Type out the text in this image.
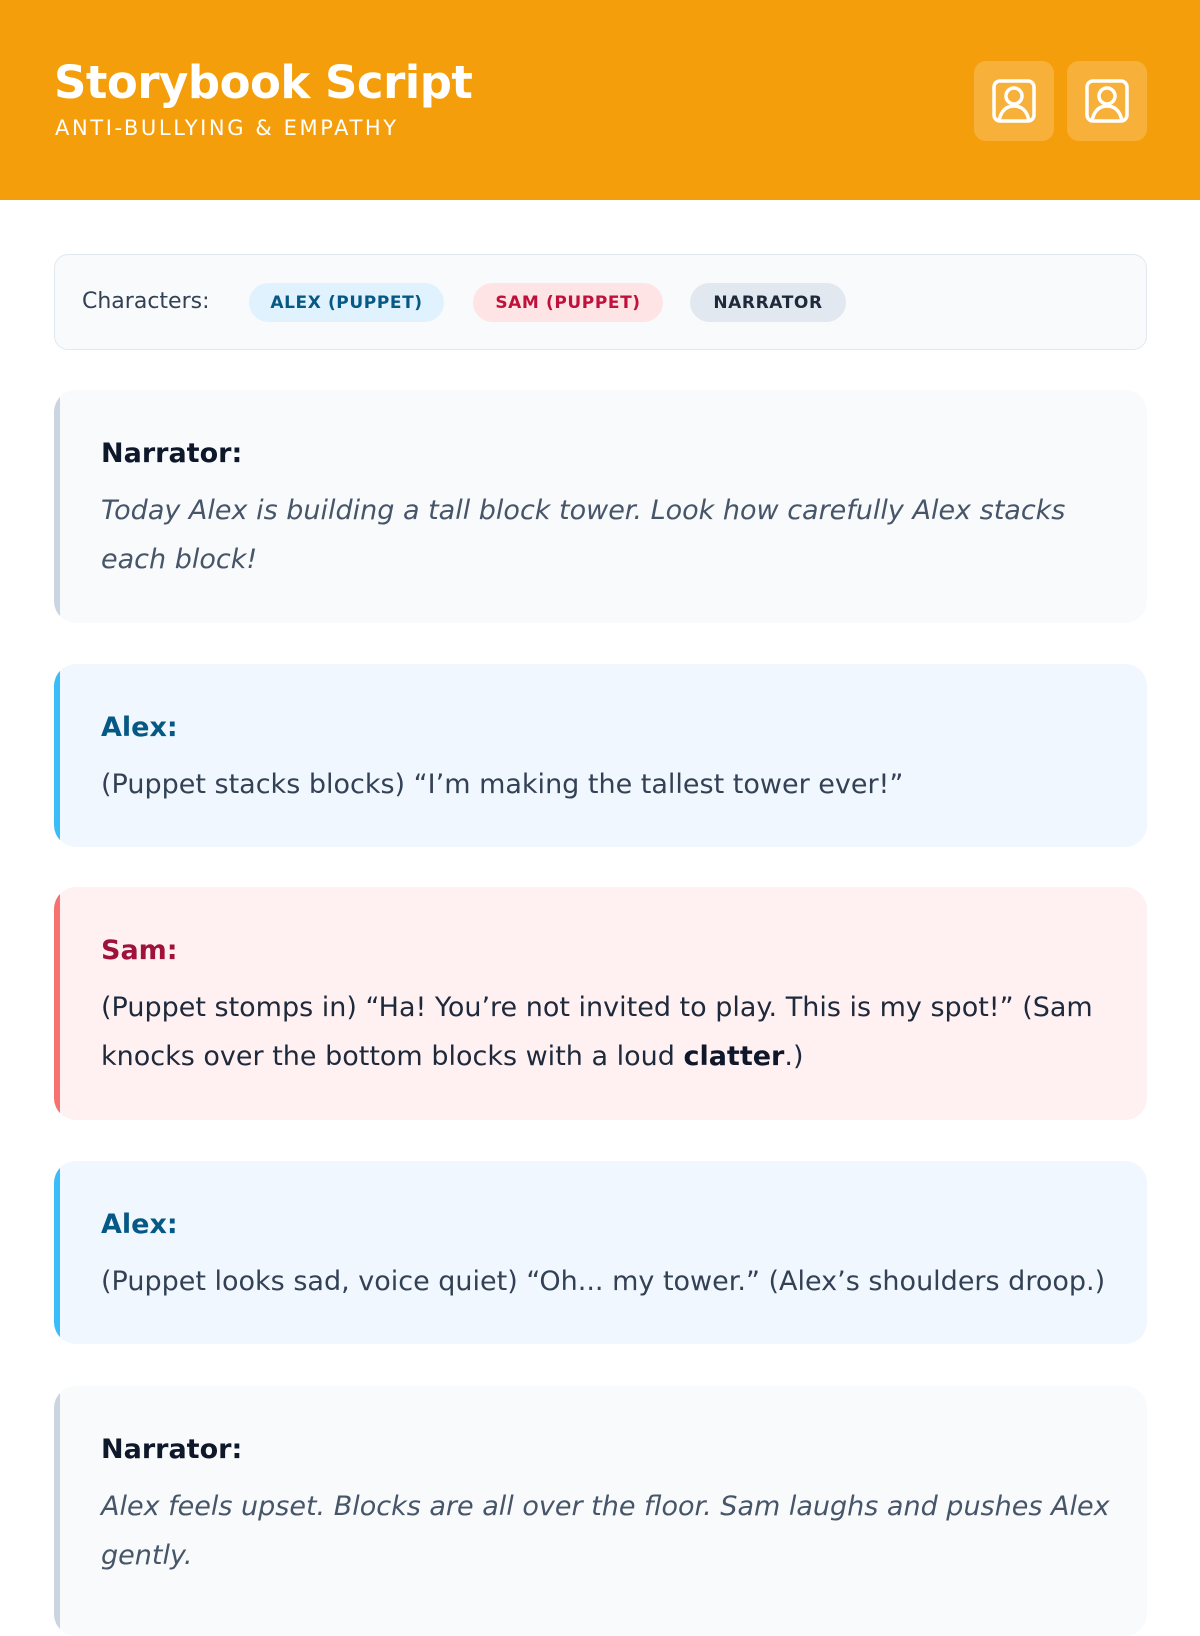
Storybook Script
ANTI-BULLYING & EMPATHY
Characters:	ALEX (PUPPET)	SAM (PUPPET)	NARRATOR
Narrator:
Today Alex is building a tall block tower. Look how carefully Alex stacks each block!
Alex:
(Puppet stacks blocks) “I’m making the tallest tower ever!”
Sam:
(Puppet stomps in) “Ha! You’re not invited to play. This is my spot!” (Sam knocks over the bottom blocks with a loud clatter.)
Alex:
(Puppet looks sad, voice quiet) “Oh... my tower.” (Alex’s shoulders droop.)
Narrator:
Alex feels upset. Blocks are all over the floor. Sam laughs and pushes Alex gently.
